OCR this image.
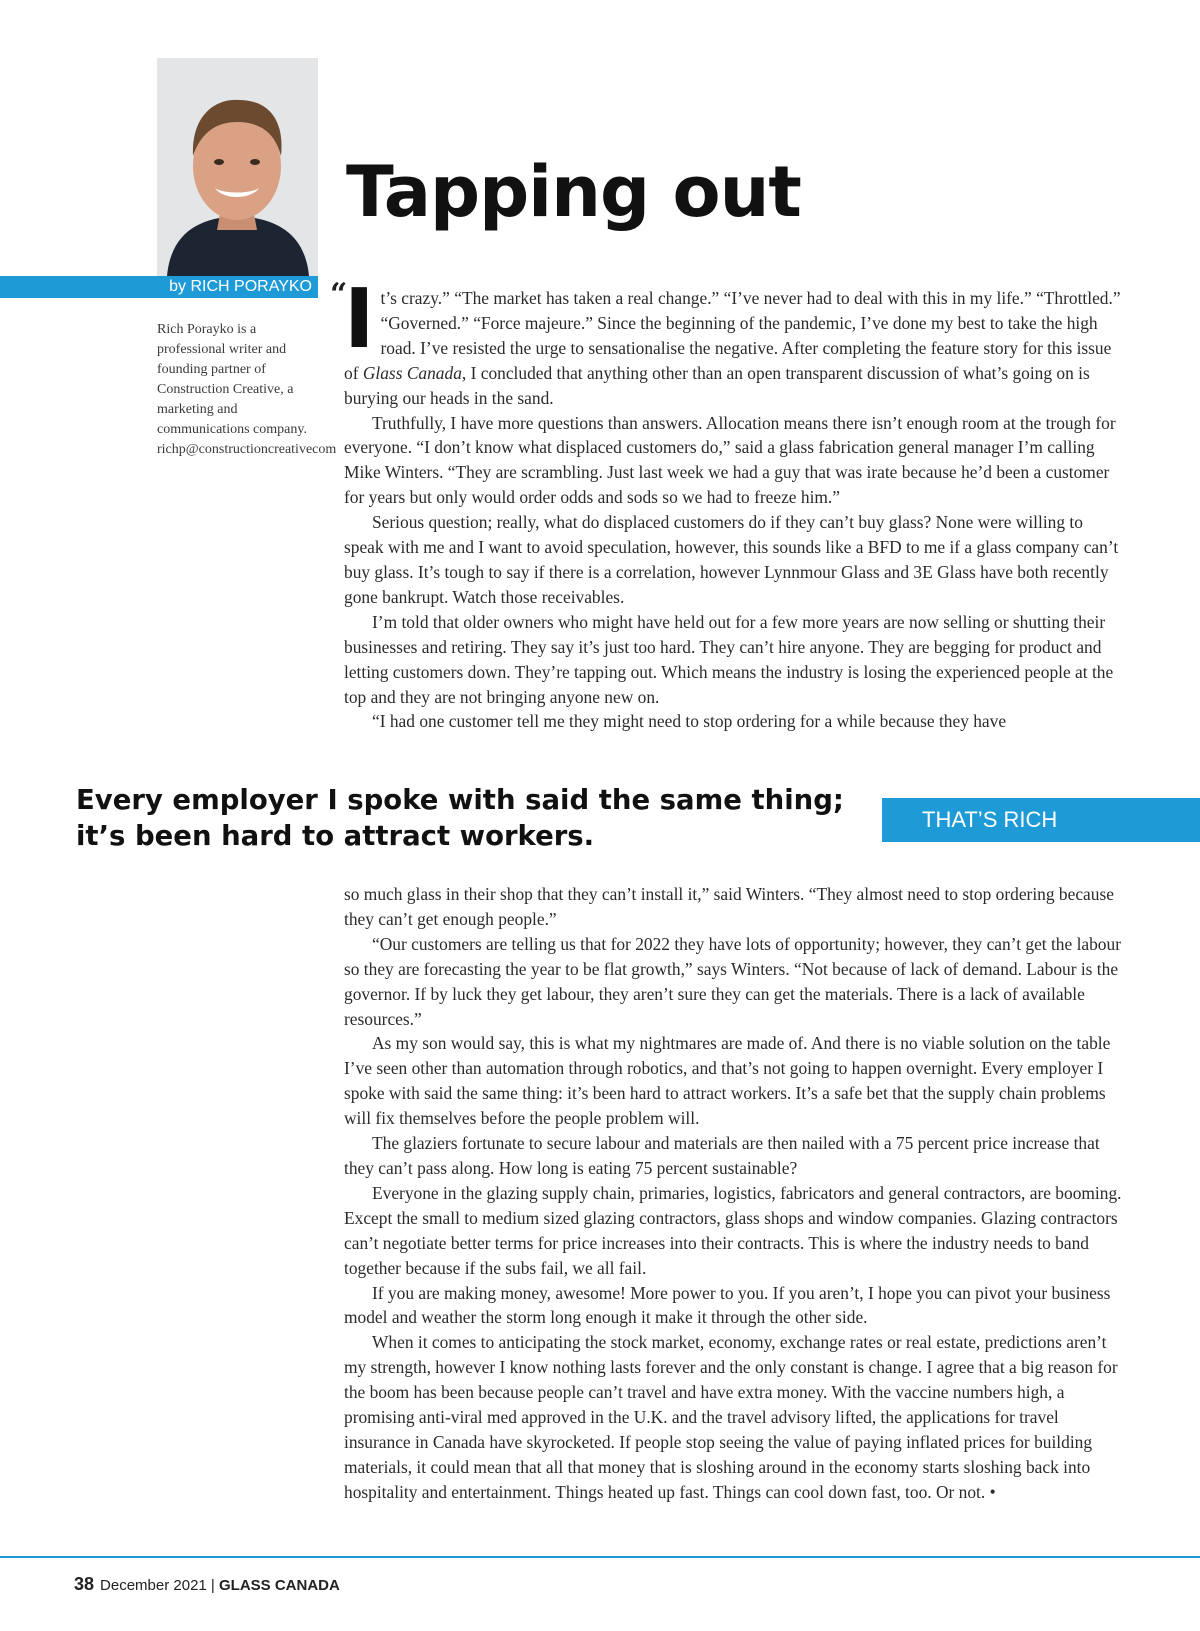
by RICH PORAYKO
Rich Porayko is a professional writer and founding partner of Construction Creative, a marketing and communications company. richp@constructioncreativecom
Tapping out
“

It’s crazy.” “The market has taken a real change.” “I’ve never had to deal with this in my life.” “Throttled.” “Governed.” “Force majeure.” Since the beginning of the pandemic, I’ve done my best to take the high road. I’ve resisted the urge to sensationalise the negative. After completing the feature story for this issue of Glass Canada, I concluded that anything other than an open transparent discussion of what’s going on is burying our heads in the sand.

Truthfully, I have more questions than answers. Allocation means there isn’t enough room at the trough for everyone. “I don’t know what displaced customers do,” said a glass fabrication general manager I’m calling Mike Winters. “They are scrambling. Just last week we had a guy that was irate because he’d been a customer for years but only would order odds and sods so we had to freeze him.”

Serious question; really, what do displaced customers do if they can’t buy glass? None were willing to speak with me and I want to avoid speculation, however, this sounds like a BFD to me if a glass company can’t buy glass. It’s tough to say if there is a correlation, however Lynnmour Glass and 3E Glass have both recently gone bankrupt. Watch those receivables.

I’m told that older owners who might have held out for a few more years are now selling or shutting their businesses and retiring. They say it’s just too hard. They can’t hire anyone. They are begging for product and letting customers down. They’re tapping out. Which means the industry is losing the experienced people at the top and they are not bringing anyone new on.

“I had one customer tell me they might need to stop ordering for a while because they have

Every employer I spoke with said the same thing;
it’s been hard to attract workers.
THAT’S RICH

so much glass in their shop that they can’t install it,” said Winters. “They almost need to stop ordering because they can’t get enough people.”

“Our customers are telling us that for 2022 they have lots of opportunity; however, they can’t get the labour so they are forecasting the year to be flat growth,” says Winters. “Not because of lack of demand. Labour is the governor. If by luck they get labour, they aren’t sure they can get the materials. There is a lack of available resources.”

As my son would say, this is what my nightmares are made of. And there is no viable solution on the table I’ve seen other than automation through robotics, and that’s not going to happen overnight. Every employer I spoke with said the same thing: it’s been hard to attract workers. It’s a safe bet that the supply chain problems will fix themselves before the people problem will.

The glaziers fortunate to secure labour and materials are then nailed with a 75 percent price increase that they can’t pass along. How long is eating 75 percent sustainable?

Everyone in the glazing supply chain, primaries, logistics, fabricators and general contractors, are booming. Except the small to medium sized glazing contractors, glass shops and window companies. Glazing contractors can’t negotiate better terms for price increases into their contracts. This is where the industry needs to band together because if the subs fail, we all fail.

If you are making money, awesome! More power to you. If you aren’t, I hope you can pivot your business model and weather the storm long enough it make it through the other side.

When it comes to anticipating the stock market, economy, exchange rates or real estate, predictions aren’t my strength, however I know nothing lasts forever and the only constant is change. I agree that a big reason for the boom has been because people can’t travel and have extra money. With the vaccine numbers high, a promising anti-viral med approved in the U.K. and the travel advisory lifted, the applications for travel insurance in Canada have skyrocketed. If people stop seeing the value of paying inflated prices for building materials, it could mean that all that money that is sloshing around in the economy starts sloshing back into hospitality and entertainment. Things heated up fast. Things can cool down fast, too. Or not. •

38 December 2021 | GLASS CANADA
